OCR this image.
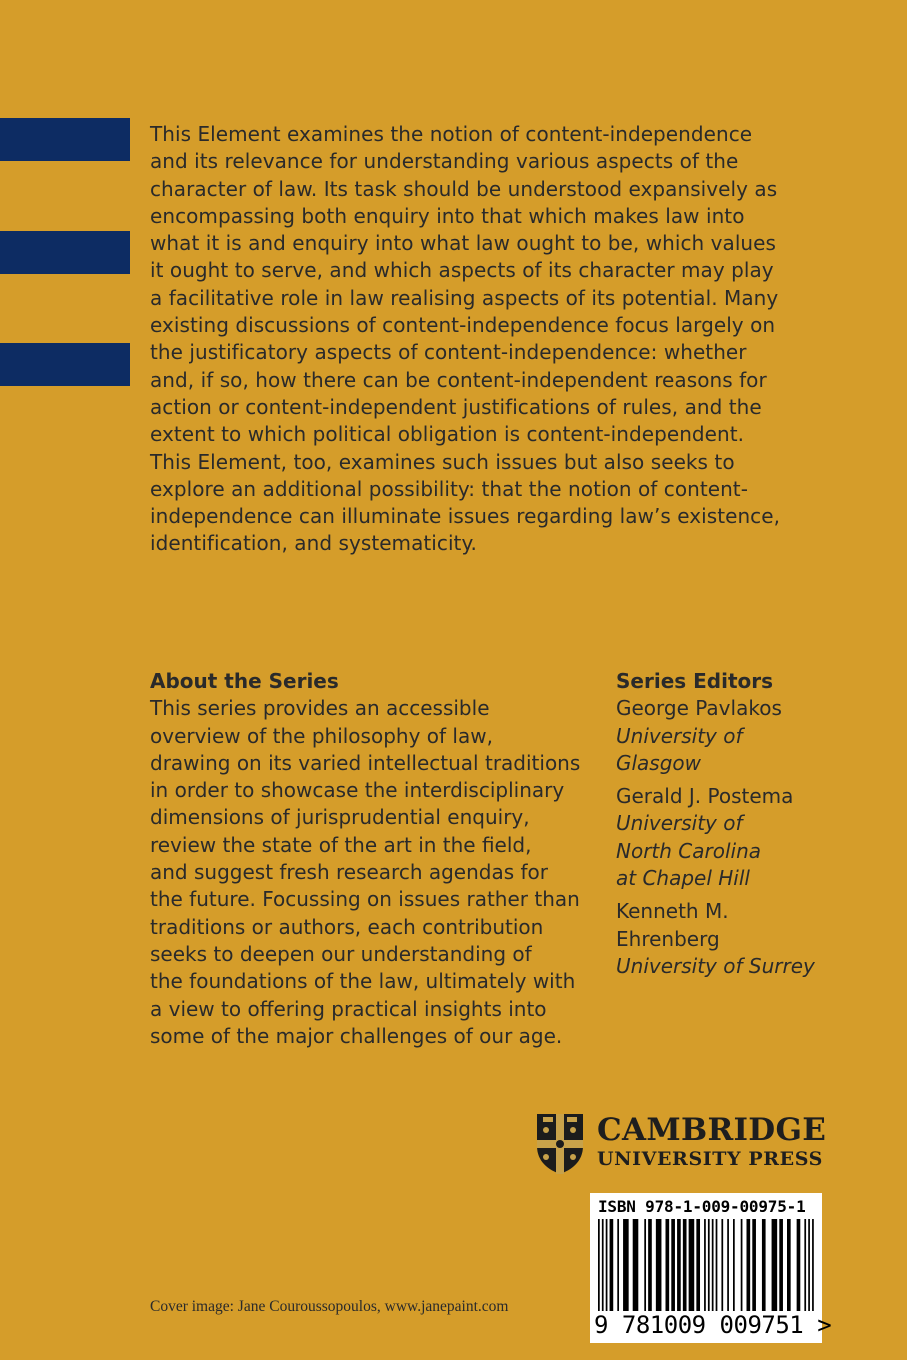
This Element examines the notion of content-independence
and its relevance for understanding various aspects of the
character of law. Its task should be understood expansively as
encompassing both enquiry into that which makes law into
what it is and enquiry into what law ought to be, which values
it ought to serve, and which aspects of its character may play
a facilitative role in law realising aspects of its potential. Many
existing discussions of content-independence focus largely on
the justificatory aspects of content-independence: whether
and, if so, how there can be content-independent reasons for
action or content-independent justifications of rules, and the
extent to which political obligation is content-independent.
This Element, too, examines such issues but also seeks to
explore an additional possibility: that the notion of content-
independence can illuminate issues regarding law’s existence,
identification, and systematicity.

About the Series
This series provides an accessible
overview of the philosophy of law,
drawing on its varied intellectual traditions
in order to showcase the interdisciplinary
dimensions of jurisprudential enquiry,
review the state of the art in the field,
and suggest fresh research agendas for
the future. Focussing on issues rather than
traditions or authors, each contribution
seeks to deepen our understanding of
the foundations of the law, ultimately with
a view to offering practical insights into
some of the major challenges of our age.
Series Editors
George Pavlakos
University of
Glasgow
Gerald J. Postema
University of
North Carolina
at Chapel Hill
Kenneth M.
Ehrenberg
University of Surrey
CAMBRIDGE
UNIVERSITY PRESS
ISBN 978-1-009-00975-1
9 781009 009751 >
Cover image: Jane Couroussopoulos, www.janepaint.com
